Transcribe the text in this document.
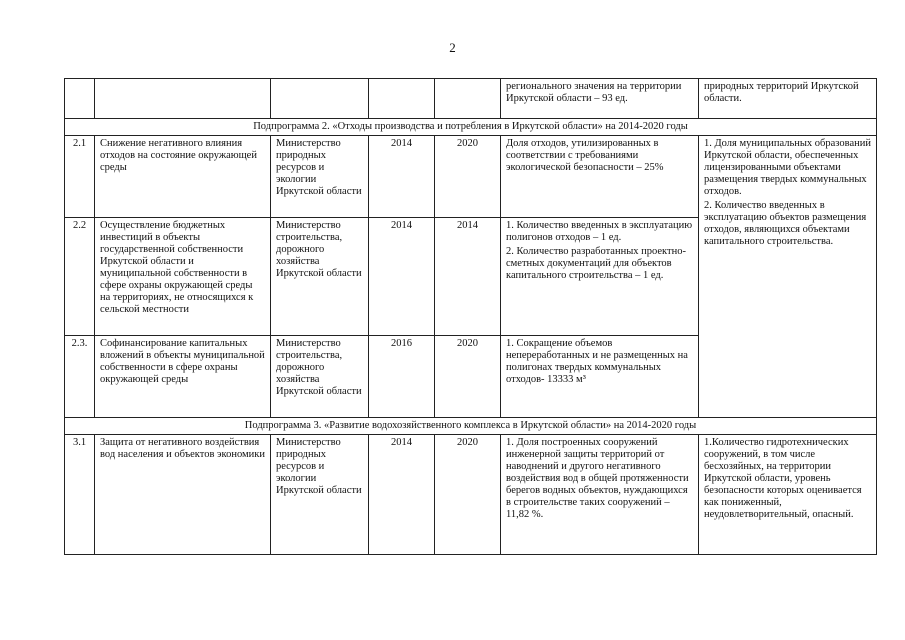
2
					регионального значения на территории Иркутской области – 93 ед.	природных территорий Иркутской области.
Подпрограмма 2. «Отходы производства и потребления в Иркутской области» на 2014-2020 годы						
2.1	Снижение негативного влияния отходов на состояние окружающей среды	Министерство природных ресурсов и экологии Иркутской области	2014	2020	Доля отходов, утилизированных в соответствии с требованиями экологической безопасности – 25%	1. Доля муниципальных образований Иркутской области, обеспеченных лицензированными объектами размещения твердых коммунальных отходов.

2. Количество введенных в эксплуатацию объектов размещения отходов, являющихся объектами капитального строительства.

2.2	Осуществление бюджетных инвестиций в объекты государственной собственности Иркутской области и муниципальной собственности в сфере охраны окружающей среды на территориях, не относящихся к сельской местности	Министерство строительства, дорожного хозяйства Иркутской области	2014	2014	1. Количество введенных в эксплуатацию полигонов отходов – 1 ед.

2. Количество разработанных проектно-сметных документаций для объектов капитального строительства – 1 ед.	

2.3.	Софинансирование капитальных вложений в объекты муниципальной собственности в сфере охраны окружающей среды	Министерство строительства, дорожного хозяйства Иркутской области	2016	2020	1. Сокращение объемов непереработанных и не размещенных на полигонах твердых коммунальных отходов- 13333 м³	

Подпрограмма 3. «Развитие водохозяйственного комплекса в Иркутской области» на 2014-2020 годы						
3.1	Защита от негативного воздействия вод населения и объектов экономики	Министерство природных ресурсов и экологии Иркутской области	2014	2020	1. Доля построенных сооружений инженерной защиты территорий от наводнений и другого негативного воздействия вод в общей протяженности берегов водных объектов, нуждающихся в строительстве таких сооружений – 11,82 %.	1.Количество гидротехнических сооружений, в том числе бесхозяйных, на территории Иркутской области, уровень безопасности которых оценивается как пониженный, неудовлетворительный, опасный.
